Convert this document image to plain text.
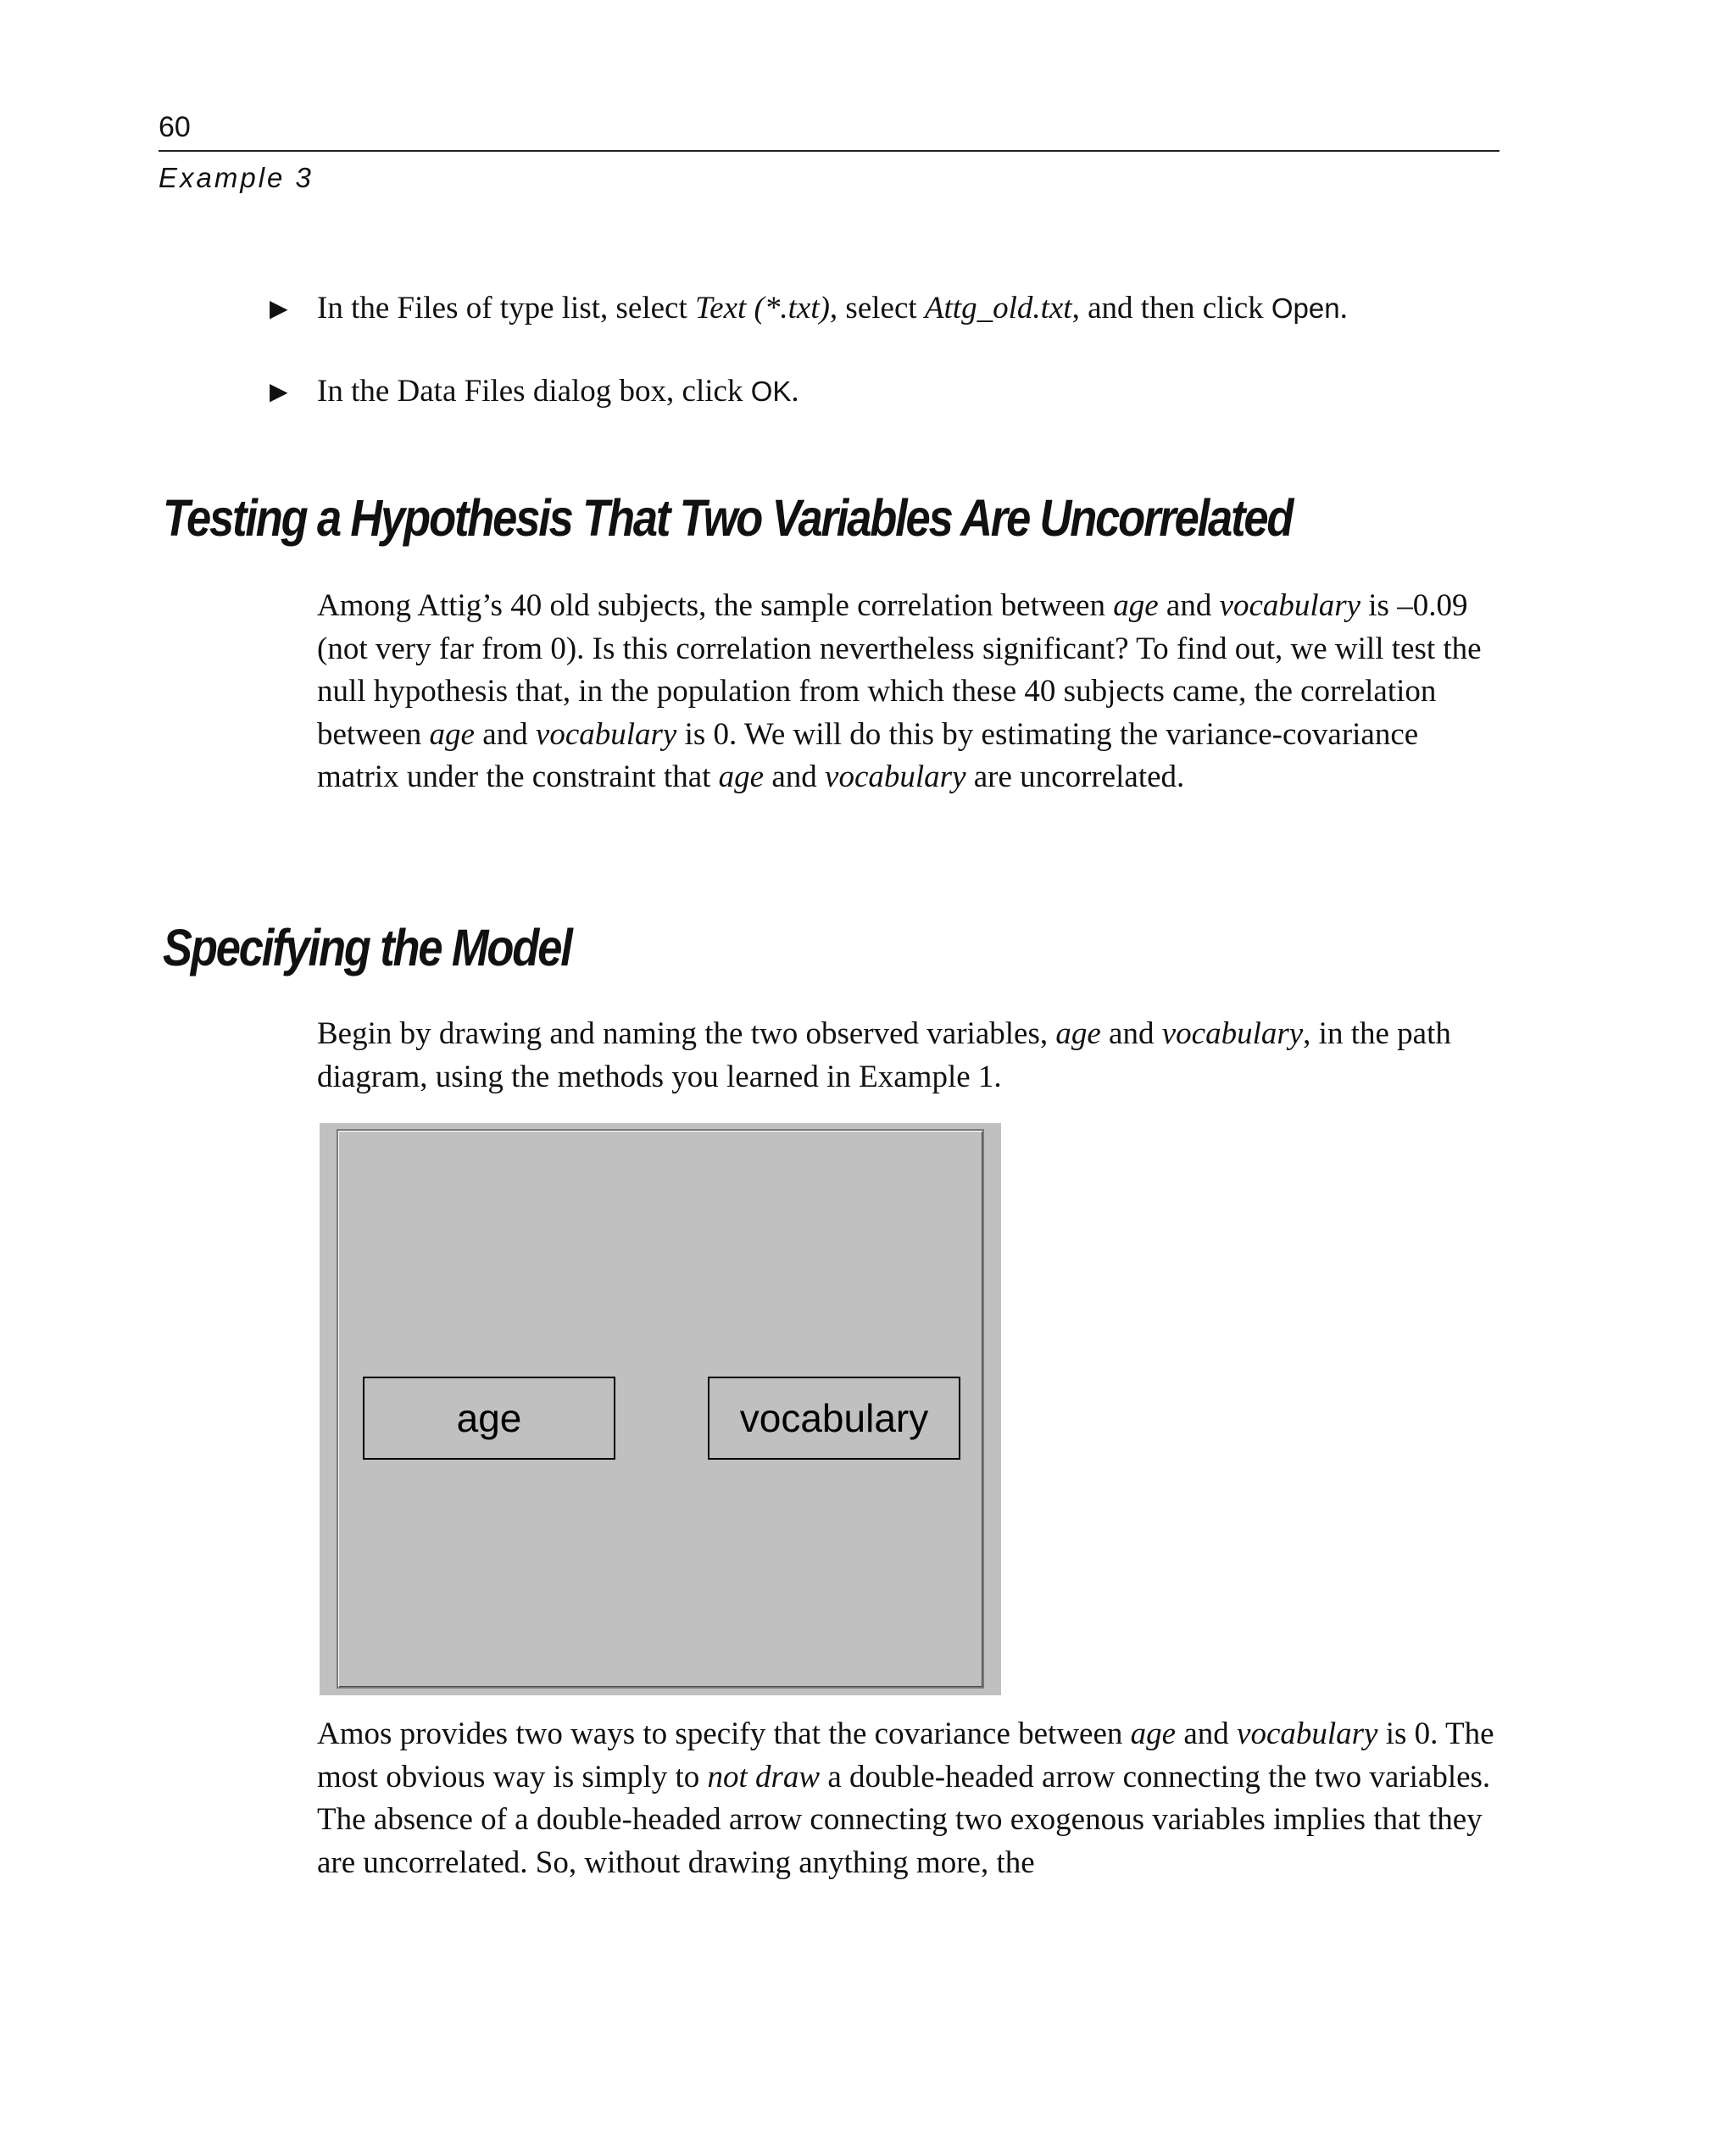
60
Example 3
▶ In the Files of type list, select Text (*.txt), select Attg_old.txt, and then click Open.
▶ In the Data Files dialog box, click OK.
Testing a Hypothesis That Two Variables Are Uncorrelated
Among Attig’s 40 old subjects, the sample correlation between age and vocabulary is –0.09 (not very far from 0). Is this correlation nevertheless significant? To find out, we will test the null hypothesis that, in the population from which these 40 subjects came, the correlation between age and vocabulary is 0. We will do this by estimating the variance-covariance matrix under the constraint that age and vocabulary are uncorrelated.
Specifying the Model
Begin by drawing and naming the two observed variables, age and vocabulary, in the path diagram, using the methods you learned in Example 1.
age	vocabulary
Amos provides two ways to specify that the covariance between age and vocabulary is 0. The most obvious way is simply to not draw a double-headed arrow connecting the two variables. The absence of a double-headed arrow connecting two exogenous variables implies that they are uncorrelated. So, without drawing anything more, the
